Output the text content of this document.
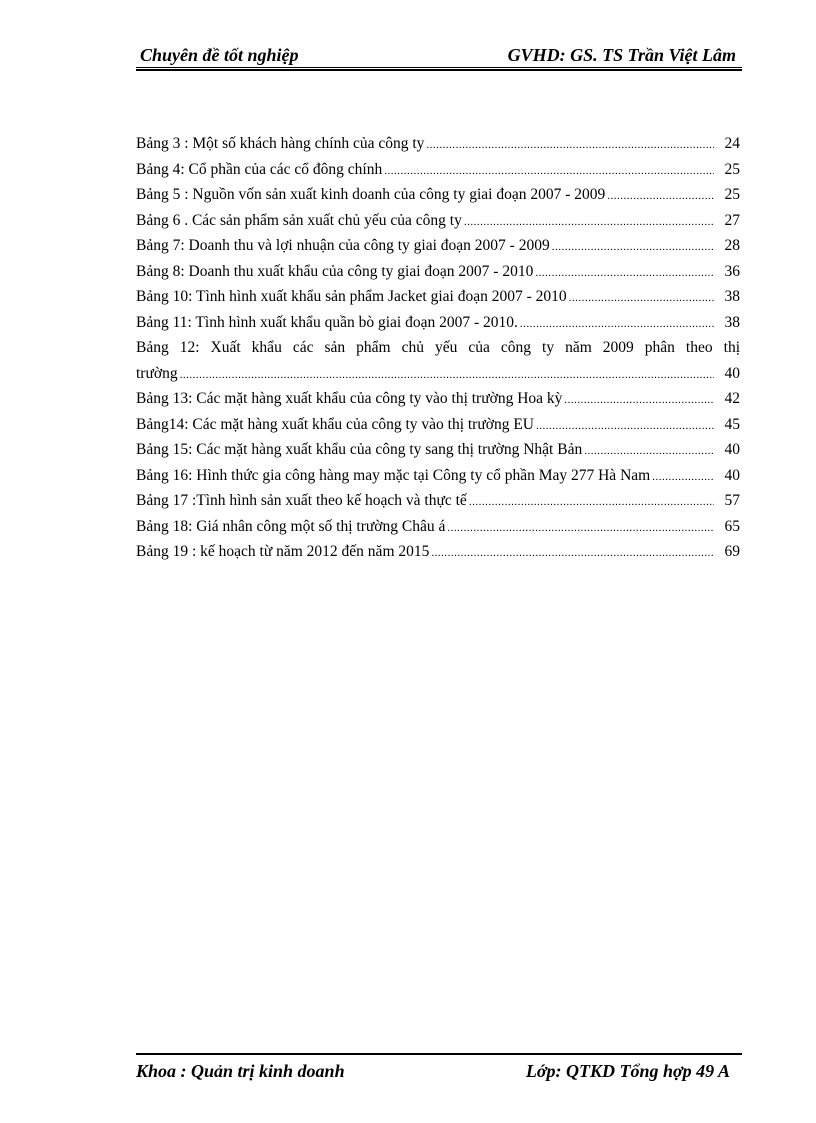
Chuyên đề tốt nghiệp	GVHD: GS. TS Trần Việt Lâm
Bảng 3 : Một số khách hàng chính của công ty .....	24
Bảng 4: Cổ phần của các cổ đông chính .....	25
Bảng 5 : Nguồn vốn sản xuất kinh doanh của công ty giai đoạn 2007 - 2009 .....	25
Bảng 6 . Các sản phẩm sản xuất chủ yếu của công ty .....	27
Bảng 7: Doanh thu và lợi nhuận của công ty giai đoạn 2007 - 2009 .....	28
Bảng 8: Doanh thu xuất khẩu của công ty giai đoạn 2007 - 2010 .....	36
Bảng 10: Tình hình xuất khẩu sản phẩm Jacket giai đoạn 2007 - 2010 .....	38
Bảng 11: Tình hình xuất khẩu quần bò giai đoạn 2007 - 2010. .....	38
Bảng 12: Xuất khẩu các sản phẩm chủ yếu của công ty năm 2009 phân theo thị
trường .....	40
Bảng 13: Các mặt hàng xuất khẩu của công ty vào thị trường Hoa kỳ .....	42
Bảng14: Các mặt hàng xuất khẩu của công ty vào thị trường EU .....	45
Bảng 15: Các mặt hàng xuất khẩu của công ty sang thị trường Nhật Bản .....	40
Bảng 16: Hình thức gia công hàng may mặc tại Công ty cổ phần May 277 Hà Nam .....	40
Bảng 17 :Tình hình sản xuất theo kế hoạch và thực tế .....	57
Bảng 18: Giá nhân công một số thị trường Châu á .....	65
Bảng 19 : kế hoạch từ năm 2012 đến năm 2015 .....	69
Khoa : Quản trị kinh doanh	Lớp: QTKD Tổng hợp 49 A
